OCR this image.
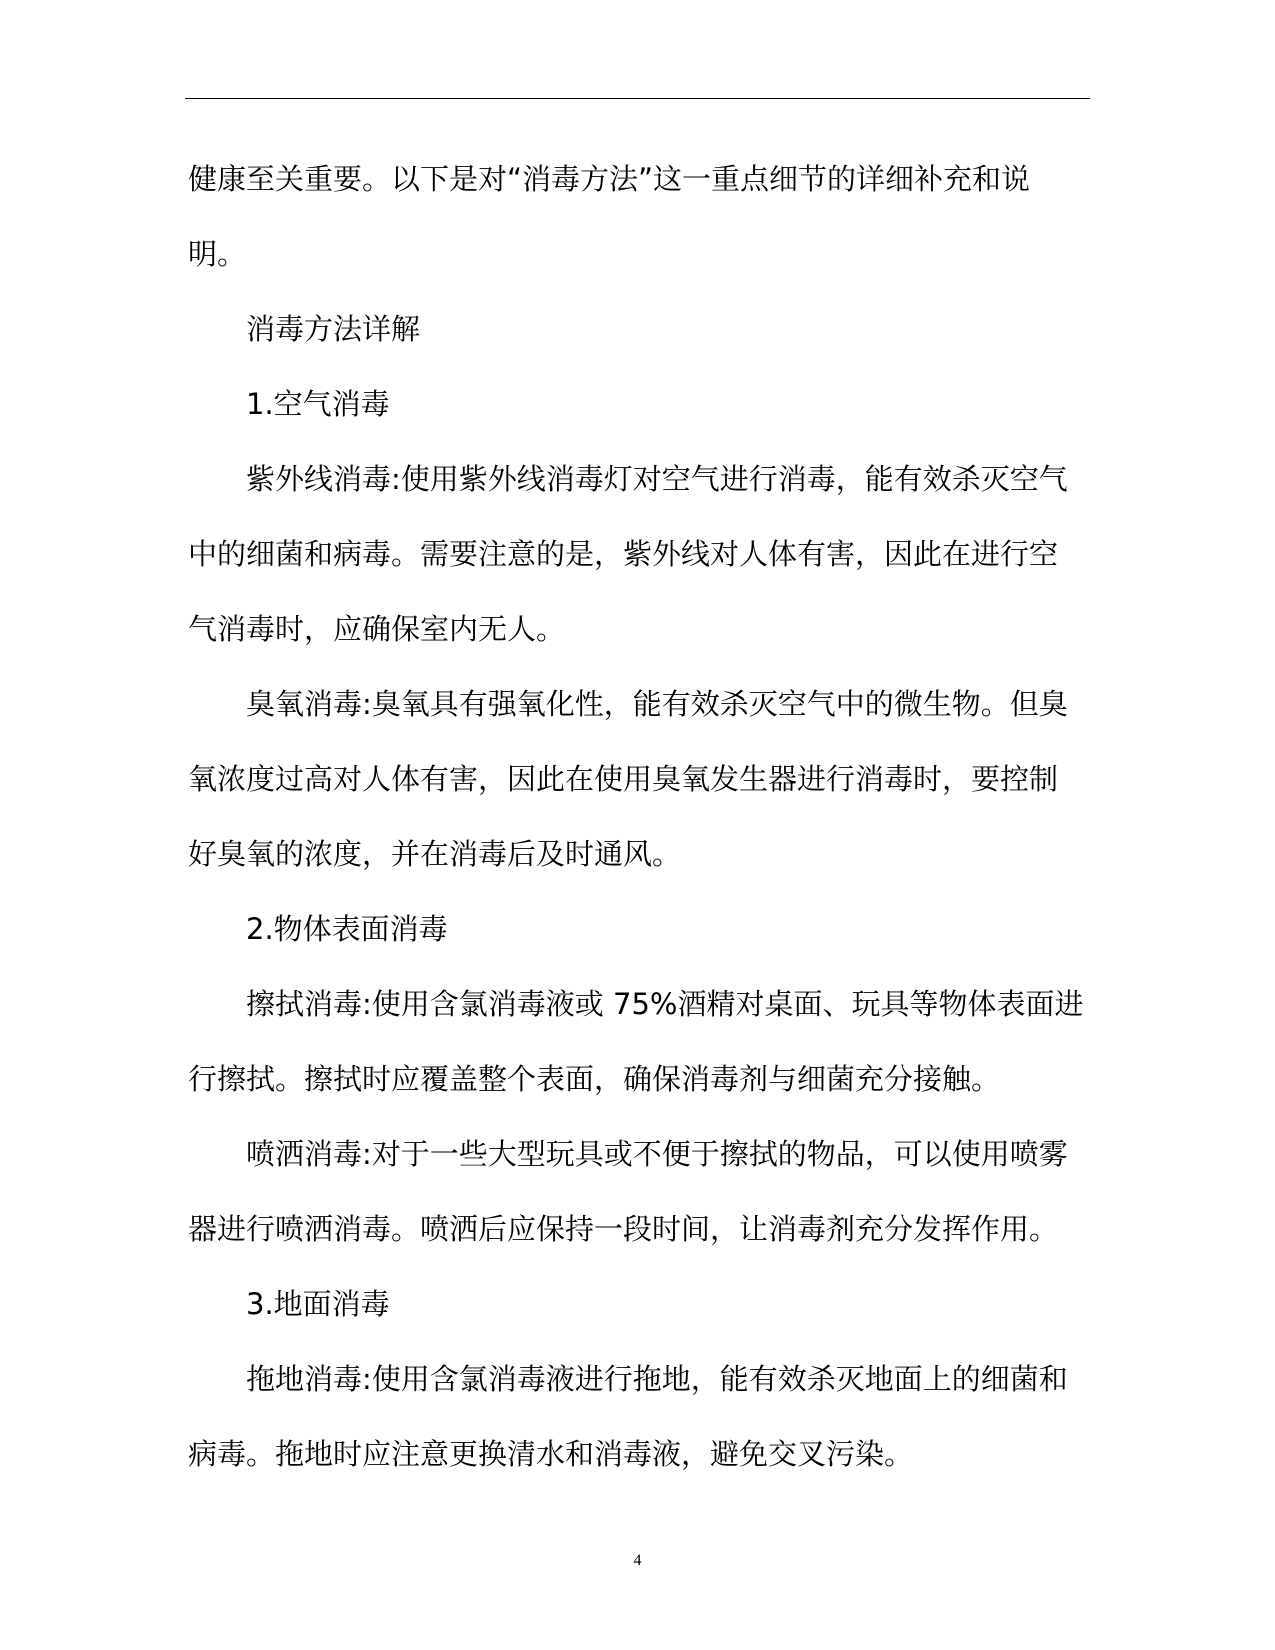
健康至关重要。以下是对“消毒方法”这一重点细节的详细补充和说
明。
消毒方法详解
1.空气消毒
紫外线消毒:使用紫外线消毒灯对空气进行消毒，能有效杀灭空气
中的细菌和病毒。需要注意的是，紫外线对人体有害，因此在进行空
气消毒时，应确保室内无人。
臭氧消毒:臭氧具有强氧化性，能有效杀灭空气中的微生物。但臭
氧浓度过高对人体有害，因此在使用臭氧发生器进行消毒时，要控制
好臭氧的浓度，并在消毒后及时通风。
2.物体表面消毒
擦拭消毒:使用含氯消毒液或 75%酒精对桌面、玩具等物体表面进
行擦拭。擦拭时应覆盖整个表面，确保消毒剂与细菌充分接触。
喷洒消毒:对于一些大型玩具或不便于擦拭的物品，可以使用喷雾
器进行喷洒消毒。喷洒后应保持一段时间，让消毒剂充分发挥作用。
3.地面消毒
拖地消毒:使用含氯消毒液进行拖地，能有效杀灭地面上的细菌和
病毒。拖地时应注意更换清水和消毒液，避免交叉污染。
4
